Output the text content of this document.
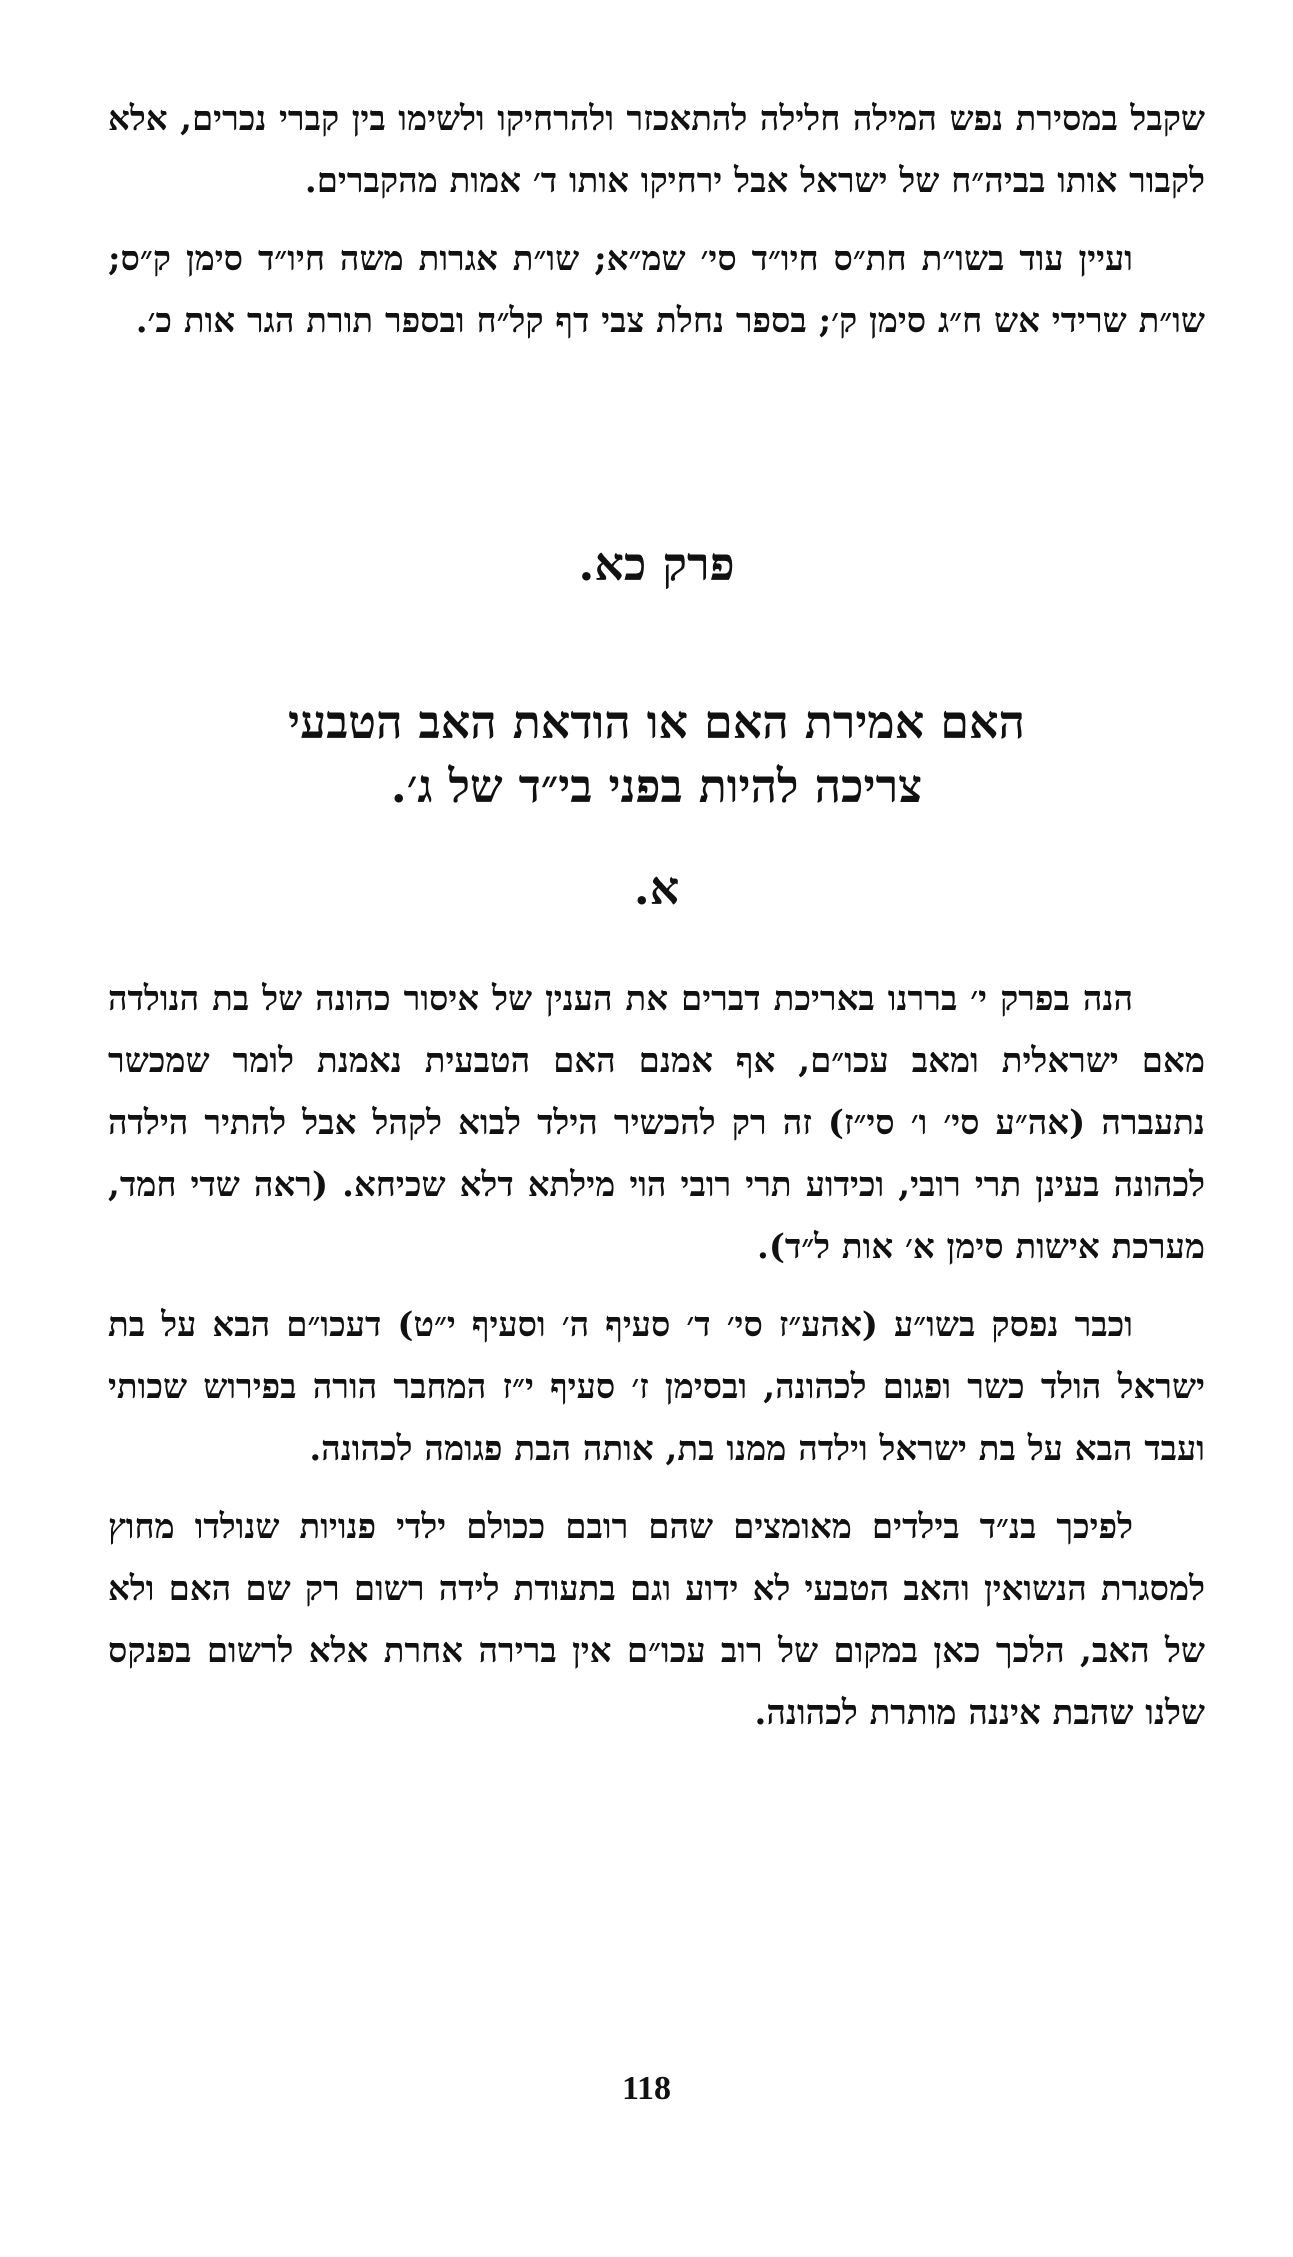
שקבל במסירת נפש המילה חלילה להתאכזר ולהרחיקו ולשימו בין קברי נכרים, אלא לקבור אותו בביה״ח של ישראל אבל ירחיקו אותו ד׳ אמות מהקברים.

ועיין עוד בשו״ת חת״ס חיו״ד סי׳ שמ״א; שו״ת אגרות משה חיו״ד סימן ק״ס; שו״ת שרידי אש ח״ג סימן ק׳; בספר נחלת צבי דף קל״ח ובספר תורת הגר אות כ׳.

פרק כא.
האם אמירת האם או הודאת האב הטבעי
צריכה להיות בפני בי״ד של ג׳.
א.

הנה בפרק י׳ בררנו באריכת דברים את הענין של איסור כהונה של בת הנולדה מאם ישראלית ומאב עכו״ם, אף אמנם האם הטבעית נאמנת לומר שמכשר נתעברה (אה״ע סי׳ ו׳ סי״ז) זה רק להכשיר הילד לבוא לקהל אבל להתיר הילדה לכהונה בעינן תרי רובי, וכידוע תרי רובי הוי מילתא דלא שכיחא. (ראה שדי חמד, מערכת אישות סימן א׳ אות ל״ד).

וכבר נפסק בשו״ע (אהע״ז סי׳ ד׳ סעיף ה׳ וסעיף י״ט) דעכו״ם הבא על בת ישראל הולד כשר ופגום לכהונה, ובסימן ז׳ סעיף י״ז המחבר הורה בפירוש שכותי ועבד הבא על בת ישראל וילדה ממנו בת, אותה הבת פגומה לכהונה.

לפיכך בנ״ד בילדים מאומצים שהם רובם ככולם ילדי פנויות שנולדו מחוץ למסגרת הנשואין והאב הטבעי לא ידוע וגם בתעודת לידה רשום רק שם האם ולא של האב, הלכך כאן במקום של רוב עכו״ם אין ברירה אחרת אלא לרשום בפנקס שלנו שהבת איננה מותרת לכהונה.

118
